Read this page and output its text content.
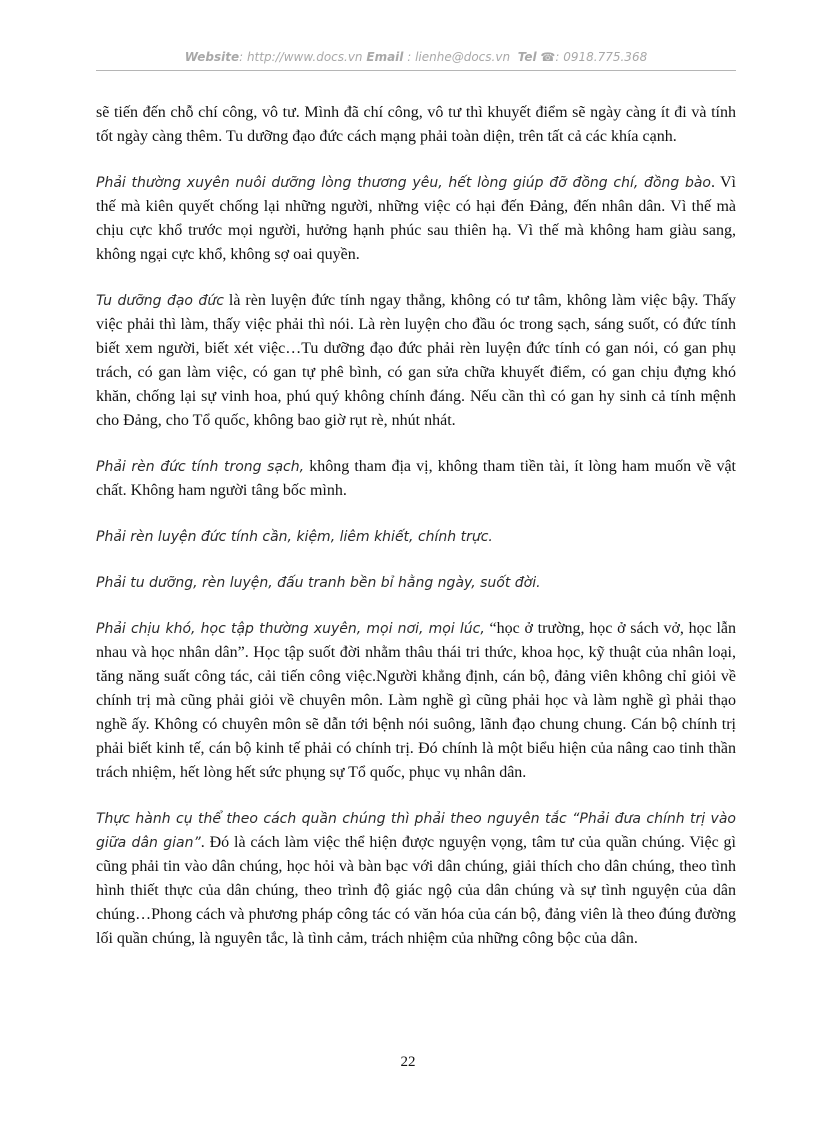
Website: http://www.docs.vn Email : lienhe@docs.vn Tel ☎: 0918.775.368

sẽ tiến đến chỗ chí công, vô tư. Mình đã chí công, vô tư thì khuyết điểm sẽ ngày càng ít đi và tính tốt ngày càng thêm. Tu dưỡng đạo đức cách mạng phải toàn diện, trên tất cả các khía cạnh.

Phải thường xuyên nuôi dưỡng lòng thương yêu, hết lòng giúp đỡ đồng chí, đồng bào. Vì thế mà kiên quyết chống lại những người, những việc có hại đến Đảng, đến nhân dân. Vì thế mà chịu cực khổ trước mọi người, hưởng hạnh phúc sau thiên hạ. Vì thế mà không ham giàu sang, không ngại cực khổ, không sợ oai quyền.

Tu dưỡng đạo đức là rèn luyện đức tính ngay thẳng, không có tư tâm, không làm việc bậy. Thấy việc phải thì làm, thấy việc phải thì nói. Là rèn luyện cho đầu óc trong sạch, sáng suốt, có đức tính biết xem người, biết xét việc…Tu dưỡng đạo đức phải rèn luyện đức tính có gan nói, có gan phụ trách, có gan làm việc, có gan tự phê bình, có gan sửa chữa khuyết điểm, có gan chịu đựng khó khăn, chống lại sự vinh hoa, phú quý không chính đáng. Nếu cần thì có gan hy sinh cả tính mệnh cho Đảng, cho Tổ quốc, không bao giờ rụt rè, nhút nhát.

Phải rèn đức tính trong sạch, không tham địa vị, không tham tiền tài, ít lòng ham muốn về vật chất. Không ham người tâng bốc mình.

Phải rèn luyện đức tính cần, kiệm, liêm khiết, chính trực.

Phải tu dưỡng, rèn luyện, đấu tranh bền bỉ hằng ngày, suốt đời.

Phải chịu khó, học tập thường xuyên, mọi nơi, mọi lúc, “học ở trường, học ở sách vở, học lẫn nhau và học nhân dân”. Học tập suốt đời nhằm thâu thái tri thức, khoa học, kỹ thuật của nhân loại, tăng năng suất công tác, cải tiến công việc.Người khẳng định, cán bộ, đảng viên không chỉ giỏi về chính trị mà cũng phải giỏi về chuyên môn. Làm nghề gì cũng phải học và làm nghề gì phải thạo nghề ấy. Không có chuyên môn sẽ dẫn tới bệnh nói suông, lãnh đạo chung chung. Cán bộ chính trị phải biết kinh tế, cán bộ kinh tế phải có chính trị. Đó chính là một biểu hiện của nâng cao tinh thần trách nhiệm, hết lòng hết sức phụng sự Tổ quốc, phục vụ nhân dân.

Thực hành cụ thể theo cách quần chúng thì phải theo nguyên tắc “Phải đưa chính trị vào giữa dân gian”. Đó là cách làm việc thể hiện được nguyện vọng, tâm tư của quần chúng. Việc gì cũng phải tin vào dân chúng, học hỏi và bàn bạc với dân chúng, giải thích cho dân chúng, theo tình hình thiết thực của dân chúng, theo trình độ giác ngộ của dân chúng và sự tình nguyện của dân chúng…Phong cách và phương pháp công tác có văn hóa của cán bộ, đảng viên là theo đúng đường lối quần chúng, là nguyên tắc, là tình cảm, trách nhiệm của những công bộc của dân.

22
